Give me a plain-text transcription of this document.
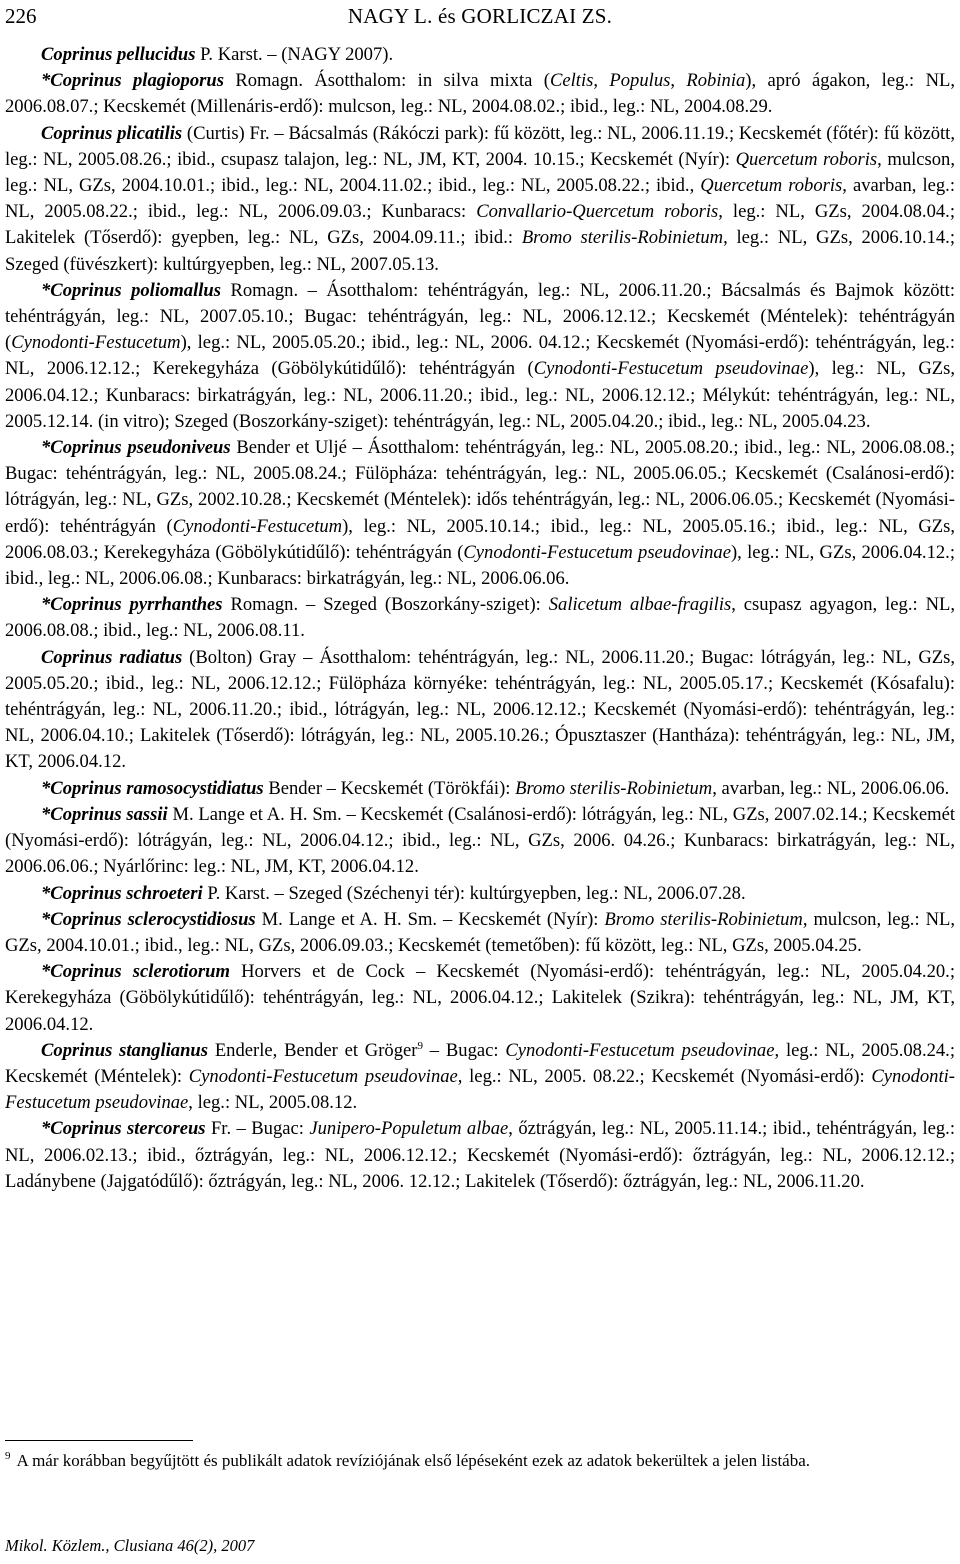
226	NAGY L. és GORLICZAI ZS.

Coprinus pellucidus P. Karst. – (NAGY 2007).

*Coprinus plagioporus Romagn. Ásotthalom: in silva mixta (Celtis, Populus, Robinia), apró ágakon, leg.: NL, 2006.08.07.; Kecskemét (Millenáris-erdő): mulcson, leg.: NL, 2004.08.02.; ibid., leg.: NL, 2004.08.29.

Coprinus plicatilis (Curtis) Fr. – Bácsalmás (Rákóczi park): fű között, leg.: NL, 2006.11.19.; Kecskemét (főtér): fű között, leg.: NL, 2005.08.26.; ibid., csupasz talajon, leg.: NL, JM, KT, 2004. 10.15.; Kecskemét (Nyír): Quercetum roboris, mulcson, leg.: NL, GZs, 2004.10.01.; ibid., leg.: NL, 2004.11.02.; ibid., leg.: NL, 2005.08.22.; ibid., Quercetum roboris, avarban, leg.: NL, 2005.08.22.; ibid., leg.: NL, 2006.09.03.; Kunbaracs: Convallario-Quercetum roboris, leg.: NL, GZs, 2004.08.04.; Lakitelek (Tőserdő): gyepben, leg.: NL, GZs, 2004.09.11.; ibid.: Bromo sterilis-Robinietum, leg.: NL, GZs, 2006.10.14.; Szeged (füvészkert): kultúrgyepben, leg.: NL, 2007.05.13.

*Coprinus poliomallus Romagn. – Ásotthalom: tehéntrágyán, leg.: NL, 2006.11.20.; Bácsalmás és Bajmok között: tehéntrágyán, leg.: NL, 2007.05.10.; Bugac: tehéntrágyán, leg.: NL, 2006.12.12.; Kecskemét (Méntelek): tehéntrágyán (Cynodonti-Festucetum), leg.: NL, 2005.05.20.; ibid., leg.: NL, 2006. 04.12.; Kecskemét (Nyomási-erdő): tehéntrágyán, leg.: NL, 2006.12.12.; Kerekegyháza (Göbölykútidűlő): tehéntrágyán (Cynodonti-Festucetum pseudovinae), leg.: NL, GZs, 2006.04.12.; Kunbaracs: birkatrágyán, leg.: NL, 2006.11.20.; ibid., leg.: NL, 2006.12.12.; Mélykút: tehéntrágyán, leg.: NL, 2005.12.14. (in vitro); Szeged (Boszorkány-sziget): tehéntrágyán, leg.: NL, 2005.04.20.; ibid., leg.: NL, 2005.04.23.

*Coprinus pseudoniveus Bender et Uljé – Ásotthalom: tehéntrágyán, leg.: NL, 2005.08.20.; ibid., leg.: NL, 2006.08.08.; Bugac: tehéntrágyán, leg.: NL, 2005.08.24.; Fülöpháza: tehéntrágyán, leg.: NL, 2005.06.05.; Kecskemét (Csalánosi-erdő): lótrágyán, leg.: NL, GZs, 2002.10.28.; Kecskemét (Méntelek): idős tehéntrágyán, leg.: NL, 2006.06.05.; Kecskemét (Nyomási-erdő): tehéntrágyán (Cynodonti-Festucetum), leg.: NL, 2005.10.14.; ibid., leg.: NL, 2005.05.16.; ibid., leg.: NL, GZs, 2006.08.03.; Kerekegyháza (Göbölykútidűlő): tehéntrágyán (Cynodonti-Festucetum pseudovinae), leg.: NL, GZs, 2006.04.12.; ibid., leg.: NL, 2006.06.08.; Kunbaracs: birkatrágyán, leg.: NL, 2006.06.06.

*Coprinus pyrrhanthes Romagn. – Szeged (Boszorkány-sziget): Salicetum albae-fragilis, csupasz agyagon, leg.: NL, 2006.08.08.; ibid., leg.: NL, 2006.08.11.

Coprinus radiatus (Bolton) Gray – Ásotthalom: tehéntrágyán, leg.: NL, 2006.11.20.; Bugac: lótrágyán, leg.: NL, GZs, 2005.05.20.; ibid., leg.: NL, 2006.12.12.; Fülöpháza környéke: tehéntrágyán, leg.: NL, 2005.05.17.; Kecskemét (Kósafalu): tehéntrágyán, leg.: NL, 2006.11.20.; ibid., lótrágyán, leg.: NL, 2006.12.12.; Kecskemét (Nyomási-erdő): tehéntrágyán, leg.: NL, 2006.04.10.; Lakitelek (Tőserdő): lótrágyán, leg.: NL, 2005.10.26.; Ópusztaszer (Hantháza): tehéntrágyán, leg.: NL, JM, KT, 2006.04.12.

*Coprinus ramosocystidiatus Bender – Kecskemét (Törökfái): Bromo sterilis-Robinietum, avarban, leg.: NL, 2006.06.06.

*Coprinus sassii M. Lange et A. H. Sm. – Kecskemét (Csalánosi-erdő): lótrágyán, leg.: NL, GZs, 2007.02.14.; Kecskemét (Nyomási-erdő): lótrágyán, leg.: NL, 2006.04.12.; ibid., leg.: NL, GZs, 2006. 04.26.; Kunbaracs: birkatrágyán, leg.: NL, 2006.06.06.; Nyárlőrinc: leg.: NL, JM, KT, 2006.04.12.

*Coprinus schroeteri P. Karst. – Szeged (Széchenyi tér): kultúrgyepben, leg.: NL, 2006.07.28.

*Coprinus sclerocystidiosus M. Lange et A. H. Sm. – Kecskemét (Nyír): Bromo sterilis-Robinietum, mulcson, leg.: NL, GZs, 2004.10.01.; ibid., leg.: NL, GZs, 2006.09.03.; Kecskemét (temetőben): fű között, leg.: NL, GZs, 2005.04.25.

*Coprinus sclerotiorum Horvers et de Cock – Kecskemét (Nyomási-erdő): tehéntrágyán, leg.: NL, 2005.04.20.; Kerekegyháza (Göbölykútidűlő): tehéntrágyán, leg.: NL, 2006.04.12.; Lakitelek (Szikra): tehéntrágyán, leg.: NL, JM, KT, 2006.04.12.

Coprinus stanglianus Enderle, Bender et Gröger$^9$ – Bugac: Cynodonti-Festucetum pseudovinae, leg.: NL, 2005.08.24.; Kecskemét (Méntelek): Cynodonti-Festucetum pseudovinae, leg.: NL, 2005. 08.22.; Kecskemét (Nyomási-erdő): Cynodonti-Festucetum pseudovinae, leg.: NL, 2005.08.12.

*Coprinus stercoreus Fr. – Bugac: Junipero-Populetum albae, őztrágyán, leg.: NL, 2005.11.14.; ibid., tehéntrágyán, leg.: NL, 2006.02.13.; ibid., őztrágyán, leg.: NL, 2006.12.12.; Kecskemét (Nyomási-erdő): őztrágyán, leg.: NL, 2006.12.12.; Ladánybene (Jajgatódűlő): őztrágyán, leg.: NL, 2006. 12.12.; Lakitelek (Tőserdő): őztrágyán, leg.: NL, 2006.11.20.

$^9$ A már korábban begyűjtött és publikált adatok revíziójának első lépéseként ezek az adatok bekerültek a jelen listába.
Mikol. Közlem., Clusiana 46(2), 2007
